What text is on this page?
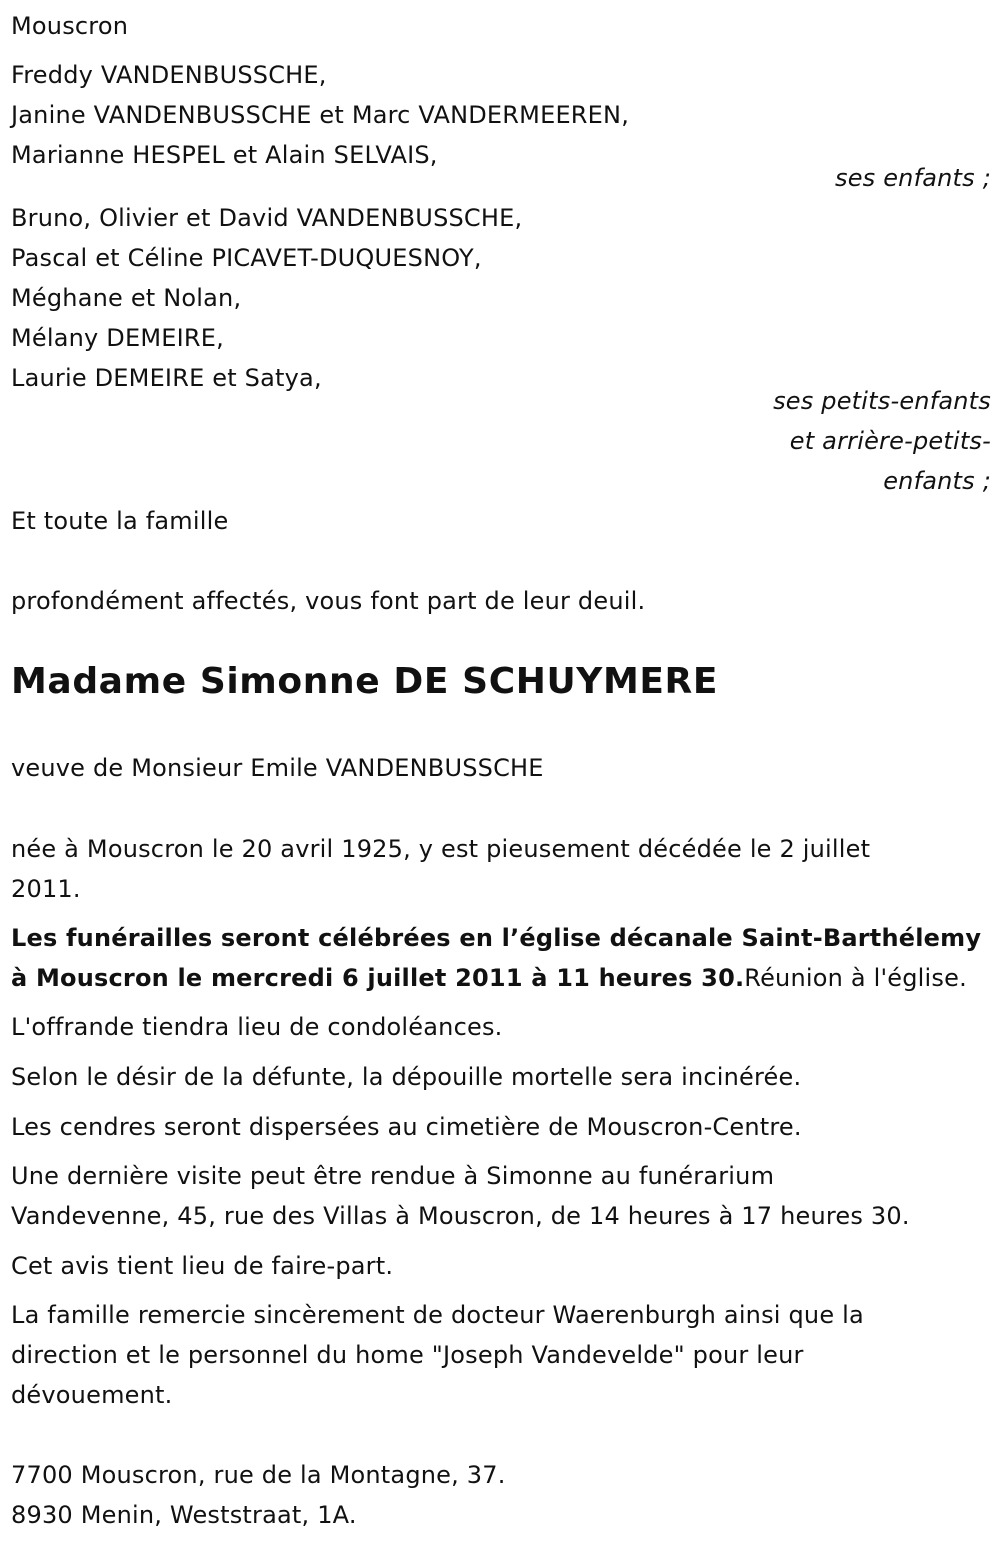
Mouscron
Freddy VANDENBUSSCHE,
Janine VANDENBUSSCHE et Marc VANDERMEEREN,
Marianne HESPEL et Alain SELVAIS,
ses enfants ;
Bruno, Olivier et David VANDENBUSSCHE,
Pascal et Céline PICAVET-DUQUESNOY,
Méghane et Nolan,
Mélany DEMEIRE,
Laurie DEMEIRE et Satya,
ses petits-enfants
et arrière-petits-
enfants ;
Et toute la famille
profondément affectés, vous font part de leur deuil.
Madame Simonne DE SCHUYMERE
veuve de Monsieur Emile VANDENBUSSCHE
née à Mouscron le 20 avril 1925, y est pieusement décédée le 2 juillet
2011.
Les funérailles seront célébrées en l’église décanale Saint-Barthélemy
à Mouscron le mercredi 6 juillet 2011 à 11 heures 30.Réunion à l'église.
L'offrande tiendra lieu de condoléances.
Selon le désir de la défunte, la dépouille mortelle sera incinérée.
Les cendres seront dispersées au cimetière de Mouscron-Centre.
Une dernière visite peut être rendue à Simonne au funérarium
Vandevenne, 45, rue des Villas à Mouscron, de 14 heures à 17 heures 30.
Cet avis tient lieu de faire-part.
La famille remercie sincèrement de docteur Waerenburgh ainsi que la
direction et le personnel du home "Joseph Vandevelde" pour leur
dévouement.
7700 Mouscron, rue de la Montagne, 37.
8930 Menin, Weststraat, 1A.
